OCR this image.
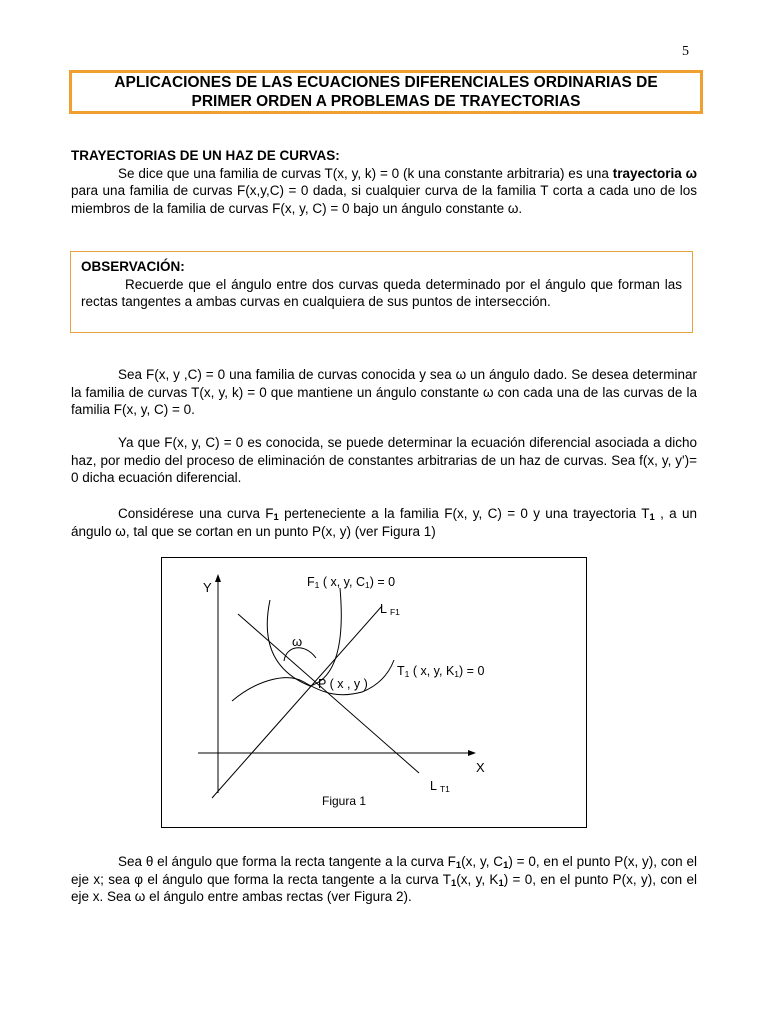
5
APLICACIONES DE LAS ECUACIONES DIFERENCIALES ORDINARIAS DE
PRIMER ORDEN A PROBLEMAS DE TRAYECTORIAS
TRAYECTORIAS DE UN HAZ DE CURVAS:
Se dice que una familia de curvas T(x, y, k) = 0 (k una constante arbitraria) es una trayectoria ω para una familia de curvas F(x,y,C) = 0 dada, si cualquier curva de la familia T corta a cada uno de los miembros de la familia de curvas F(x, y, C) = 0 bajo un ángulo constante ω.
OBSERVACIÓN:
Recuerde que el ángulo entre dos curvas queda determinado por el ángulo que forman las rectas tangentes a ambas curvas en cualquiera de sus puntos de intersección.
Sea F(x, y ,C) = 0 una familia de curvas conocida y sea ω un ángulo dado. Se desea determinar la familia de curvas T(x, y, k) = 0 que mantiene un ángulo constante ω con cada una de las curvas de la familia F(x, y, C) = 0.
Ya que F(x, y, C) = 0 es conocida, se puede determinar la ecuación diferencial asociada a dicho haz, por medio del proceso de eliminación de constantes arbitrarias de un haz de curvas. Sea f(x, y, y')= 0 dicha ecuación diferencial.
Considérese una curva $F_1$ perteneciente a la familia F(x, y, C) = 0 y una trayectoria $T_1$ , a un ángulo ω, tal que se cortan en un punto P(x, y) (ver Figura 1)
Y
X
F1 ( x, y, C1) = 0
L F1
ω
T1 ( x, y, K1) = 0
P ( x , y )
L T1
Figura 1
Sea θ el ángulo que forma la recta tangente a la curva $F_1(x$, y, $C_1) = 0$, en el punto P(x, y), con el eje x; sea φ el ángulo que forma la recta tangente a la curva $T_1(x$, y, $K_1) = 0$, en el punto P(x, y), con el eje x. Sea ω el ángulo entre ambas rectas (ver Figura 2).
